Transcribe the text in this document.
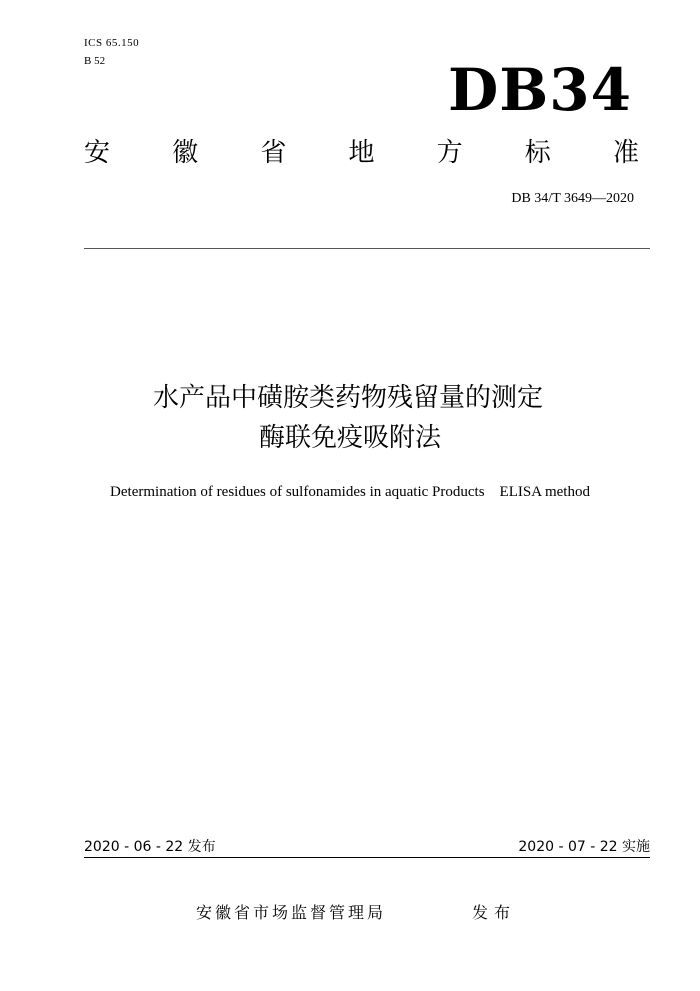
ICS 65.150
B 52	DB34
安 徽 省 地 方 标 准
DB 34/T 3649—2020
水产品中磺胺类药物残留量的测定
酶联免疫吸附法
Determination of residues of sulfonamides in aquatic Products    ELISA method
2020 - 06 - 22 发布	2020 - 07 - 22 实施
安徽省市场监督管理局	发布
